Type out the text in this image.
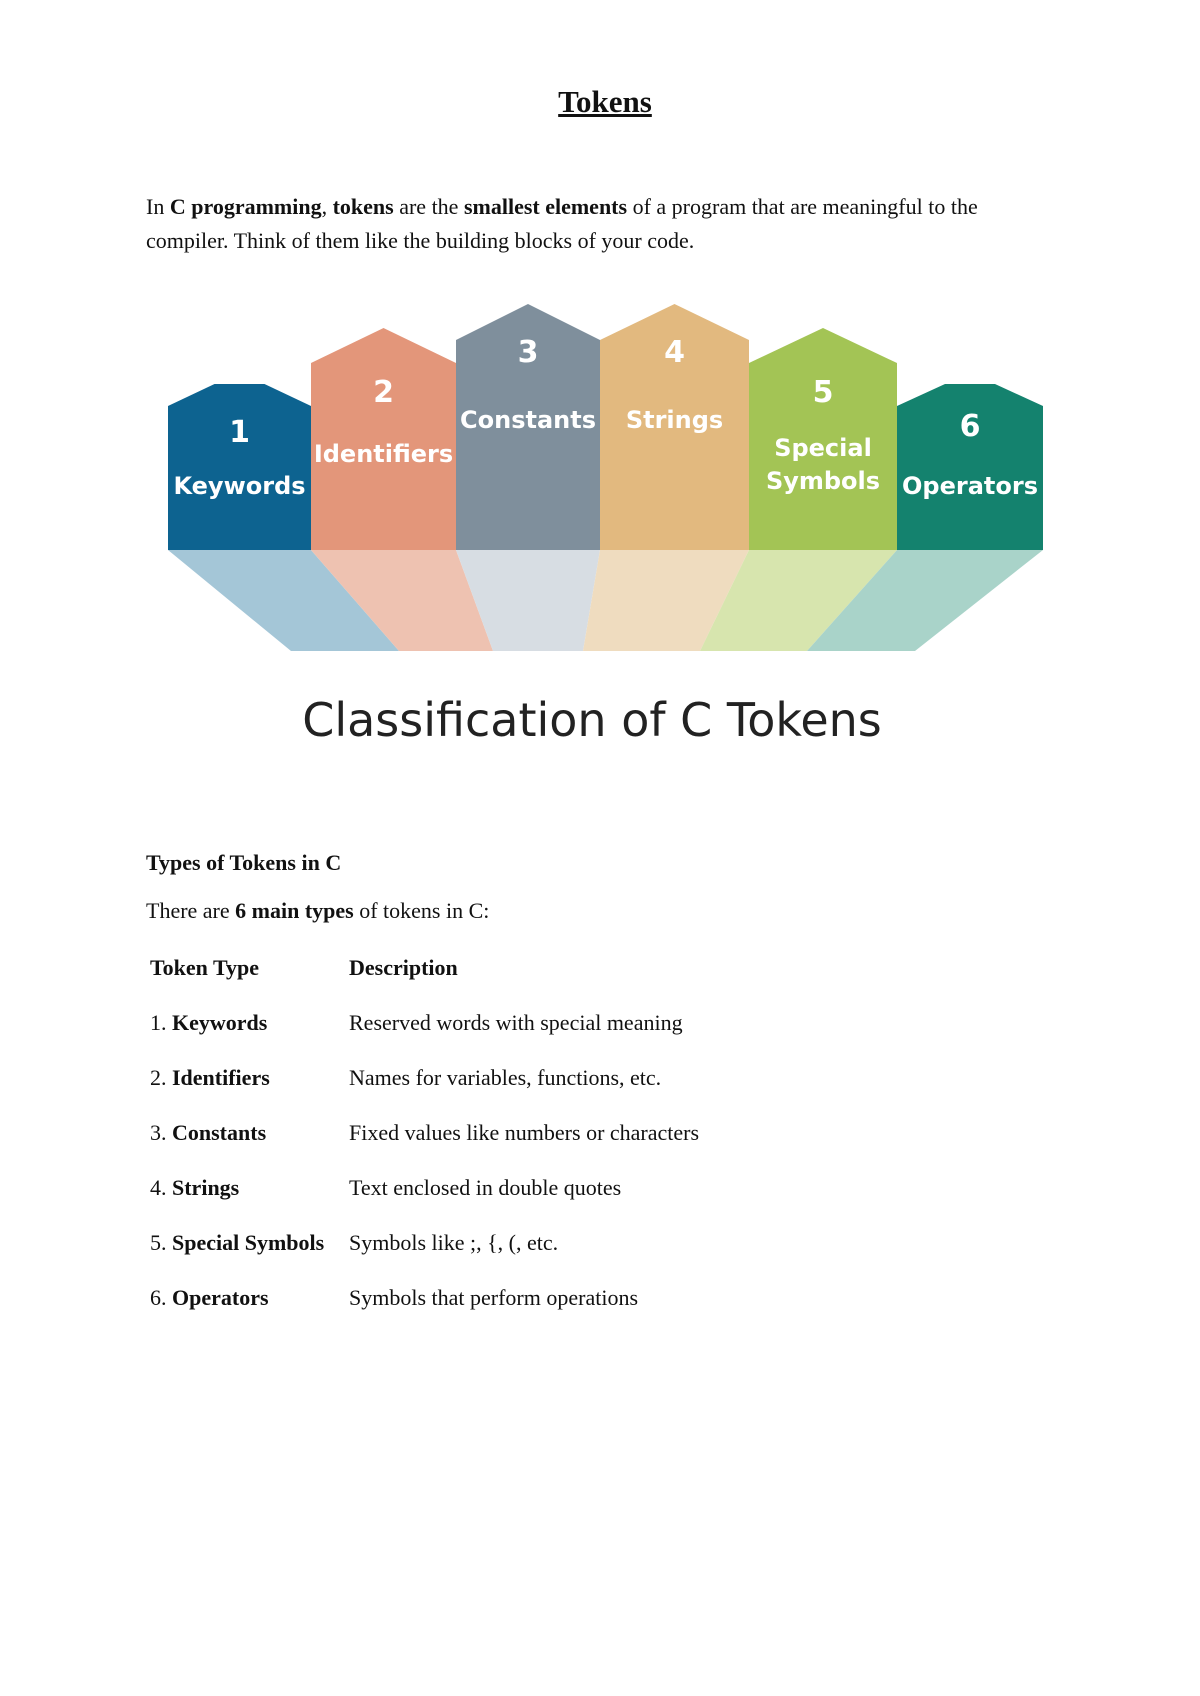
Tokens

In C programming, tokens are the smallest elements of a program that are meaningful to the compiler. Think of them like the building blocks of your code.

1
Keywords
2
Identifiers
3
Constants
4
Strings
5
Special
Symbols
6
Operators
Classification of C Tokens

Types of Tokens in C

There are 6 main types of tokens in C:

Token Type	Description
1. Keywords	Reserved words with special meaning
2. Identifiers	Names for variables, functions, etc.
3. Constants	Fixed values like numbers or characters
4. Strings	Text enclosed in double quotes
5. Special Symbols	Symbols like ;, {, (, etc.
6. Operators	Symbols that perform operations
